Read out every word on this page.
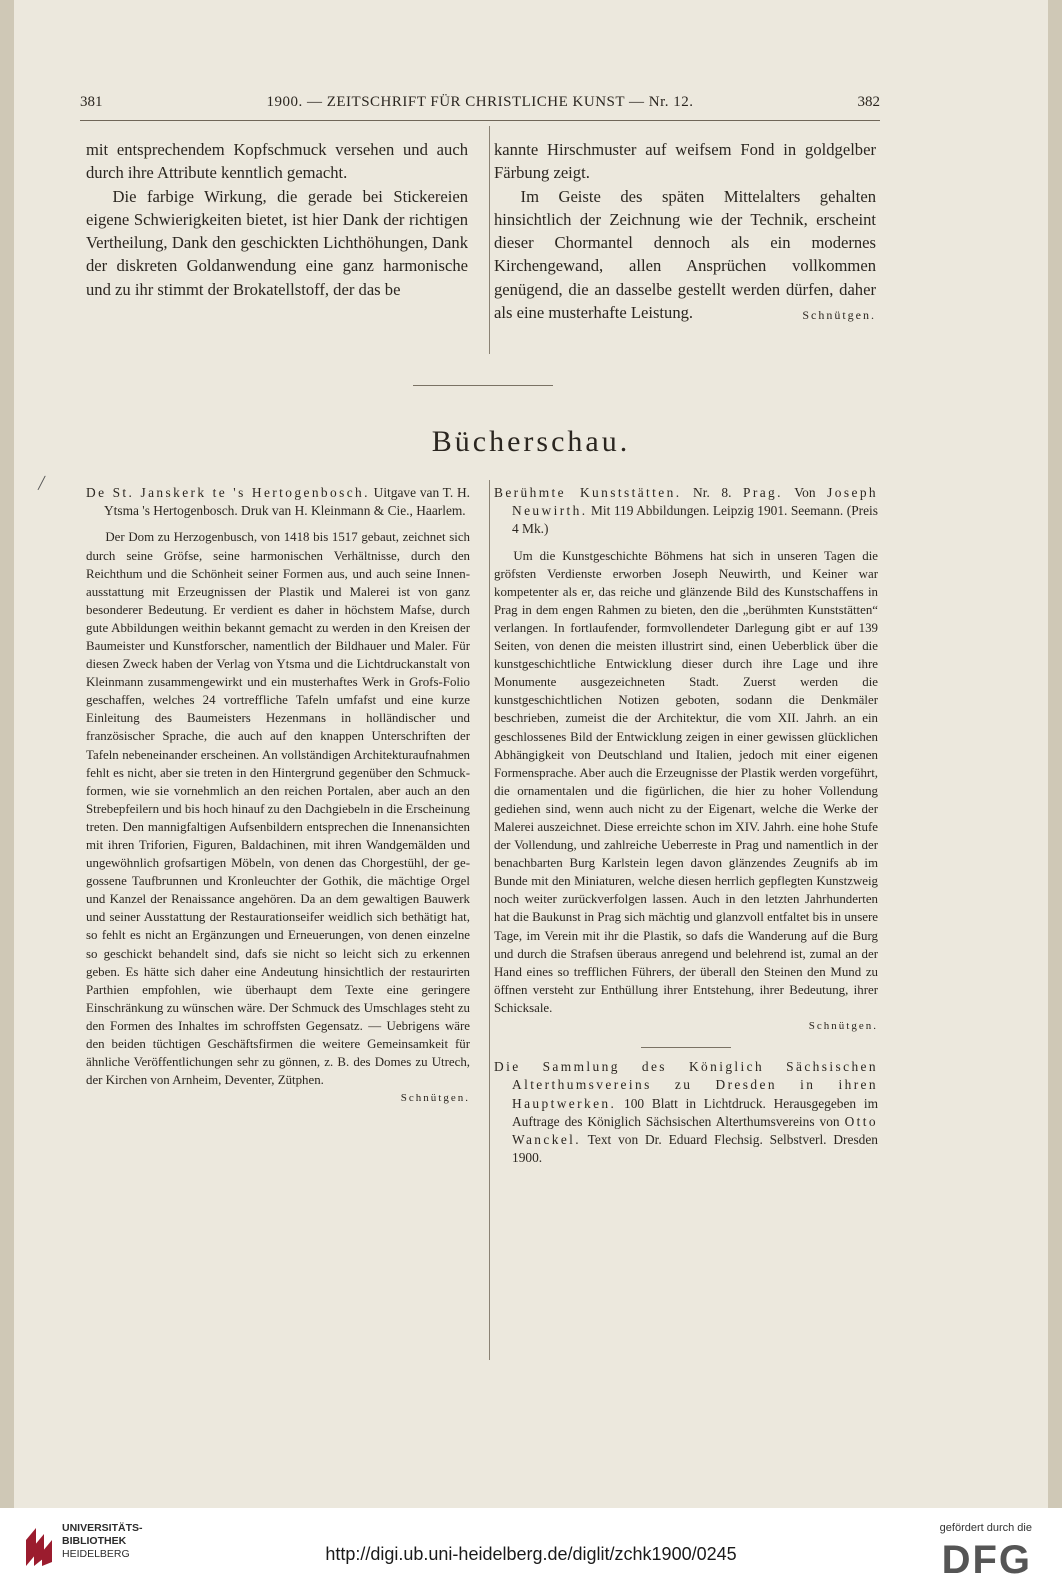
381	1900. — ZEITSCHRIFT FÜR CHRISTLICHE KUNST — Nr. 12.	382

mit entsprechendem Kopfschmuck versehen und auch durch ihre Attribute kenntlich gemacht.

Die farbige Wirkung, die gerade bei Stickereien eigene Schwierigkeiten bietet, ist hier Dank der richtigen Vertheilung, Dank den geschickten Lichthöhungen, Dank der diskreten Goldanwendung eine ganz harmonische und zu ihr stimmt der Brokatellstoff, der das be

kannte Hirschmuster auf weifsem Fond in goldgelber Färbung zeigt.

Im Geiste des späten Mittelalters gehalten hinsichtlich der Zeichnung wie der Technik, erscheint dieser Chormantel dennoch als ein modernes Kirchengewand, allen Ansprüchen vollkommen genügend, die an dasselbe gestellt werden dürfen, daher als eine musterhafte Leistung.	Schnütgen.

Bücherschau.

De St. Janskerk te 's Hertogenbosch. Uitgave van T. H. Ytsma 's Hertogenbosch. Druk van H. Kleinmann & Cie., Haarlem.

Der Dom zu Herzogenbusch, von 1418 bis 1517 gebaut, zeichnet sich durch seine Gröfse, seine harmonischen Verhältnisse, durch den Reichthum und die Schönheit seiner Formen aus, und auch seine Innenausstattung mit Erzeugnissen der Plastik und Malerei ist von ganz besonderer Bedeutung. Er verdient es daher in höchstem Mafse, durch gute Abbildungen weithin bekannt gemacht zu werden in den Kreisen der Baumeister und Kunstforscher, namentlich der Bildhauer und Maler. Für diesen Zweck haben der Verlag von Ytsma und die Lichtdruckanstalt von Kleinmann zusammengewirkt und ein musterhaftes Werk in Grofs-Folio geschaffen, welches 24 vortreffliche Tafeln umfafst und eine kurze Einleitung des Baumeisters Hezenmans in holländischer und französischer Sprache, die auch auf den knappen Unterschriften der Tafeln nebeneinander erscheinen. An vollständigen Architekturaufnahmen fehlt es nicht, aber sie treten in den Hintergrund gegenüber den Schmuckformen, wie sie vornehmlich an den reichen Portalen, aber auch an den Strebepfeilern und bis hoch hinauf zu den Dachgiebeln in die Erscheinung treten. Den mannigfaltigen Aufsenbildern entsprechen die Innenansichten mit ihren Triforien, Figuren, Baldachinen, mit ihren Wandgemälden und ungewöhnlich grofsartigen Möbeln, von denen das Chorgestühl, der gegossene Taufbrunnen und Kronleuchter der Gothik, die mächtige Orgel und Kanzel der Renaissance angehören. Da an dem gewaltigen Bauwerk und seiner Ausstattung der Restaurationseifer weidlich sich bethätigt hat, so fehlt es nicht an Ergänzungen und Erneuerungen, von denen einzelne so geschickt behandelt sind, dafs sie nicht so leicht sich zu erkennen geben. Es hätte sich daher eine Andeutung hinsichtlich der restaurirten Parthien empfohlen, wie überhaupt dem Texte eine geringere Einschränkung zu wünschen wäre. Der Schmuck des Umschlages steht zu den Formen des Inhaltes im schroffsten Gegensatz. — Uebrigens wäre den beiden tüchtigen Geschäftsfirmen die weitere Gemeinsamkeit für ähnliche Veröffentlichungen sehr zu gönnen, z. B. des Domes zu Utrech, der Kirchen von Arnheim, Deventer, Zütphen.

Schnütgen.

Berühmte Kunststätten. Nr. 8. Prag. Von Joseph Neuwirth. Mit 119 Abbildungen. Leipzig 1901. Seemann. (Preis 4 Mk.)

Um die Kunstgeschichte Böhmens hat sich in unseren Tagen die gröfsten Verdienste erworben Joseph Neuwirth, und Keiner war kompetenter als er, das reiche und glänzende Bild des Kunstschaffens in Prag in dem engen Rahmen zu bieten, den die „berühmten Kunststätten“ verlangen. In fortlaufender, formvollendeter Darlegung gibt er auf 139 Seiten, von denen die meisten illustrirt sind, einen Ueberblick über die kunstgeschichtliche Entwicklung dieser durch ihre Lage und ihre Monumente ausgezeichneten Stadt. Zuerst werden die kunstgeschichtlichen Notizen geboten, sodann die Denkmäler beschrieben, zumeist die der Architektur, die vom XII. Jahrh. an ein geschlossenes Bild der Entwicklung zeigen in einer gewissen glücklichen Abhängigkeit von Deutschland und Italien, jedoch mit einer eigenen Formensprache. Aber auch die Erzeugnisse der Plastik werden vorgeführt, die ornamentalen und die figürlichen, die hier zu hoher Vollendung gediehen sind, wenn auch nicht zu der Eigenart, welche die Werke der Malerei auszeichnet. Diese erreichte schon im XIV. Jahrh. eine hohe Stufe der Vollendung, und zahlreiche Ueberreste in Prag und namentlich in der benachbarten Burg Karlstein legen davon glänzendes Zeugnifs ab im Bunde mit den Miniaturen, welche diesen herrlich gepflegten Kunstzweig noch weiter zurückverfolgen lassen. Auch in den letzten Jahrhunderten hat die Baukunst in Prag sich mächtig und glanzvoll entfaltet bis in unsere Tage, im Verein mit ihr die Plastik, so dafs die Wanderung auf die Burg und durch die Strafsen überaus anregend und belehrend ist, zumal an der Hand eines so trefflichen Führers, der überall den Steinen den Mund zu öffnen versteht zur Enthüllung ihrer Entstehung, ihrer Bedeutung, ihrer Schicksale.

Schnütgen.

Die Sammlung des Königlich Sächsischen Alterthumsvereins zu Dresden in ihren Hauptwerken. 100 Blatt in Lichtdruck. Herausgegeben im Auftrage des Königlich Sächsischen Alterthumsvereins von Otto Wanckel. Text von Dr. Eduard Flechsig. Selbstverl. Dresden 1900.

╱
UNIVERSITÄTS-
BIBLIOTHEK
HEIDELBERG	http://digi.ub.uni-heidelberg.de/diglit/zchk1900/0245
gefördert durch die
DFG
